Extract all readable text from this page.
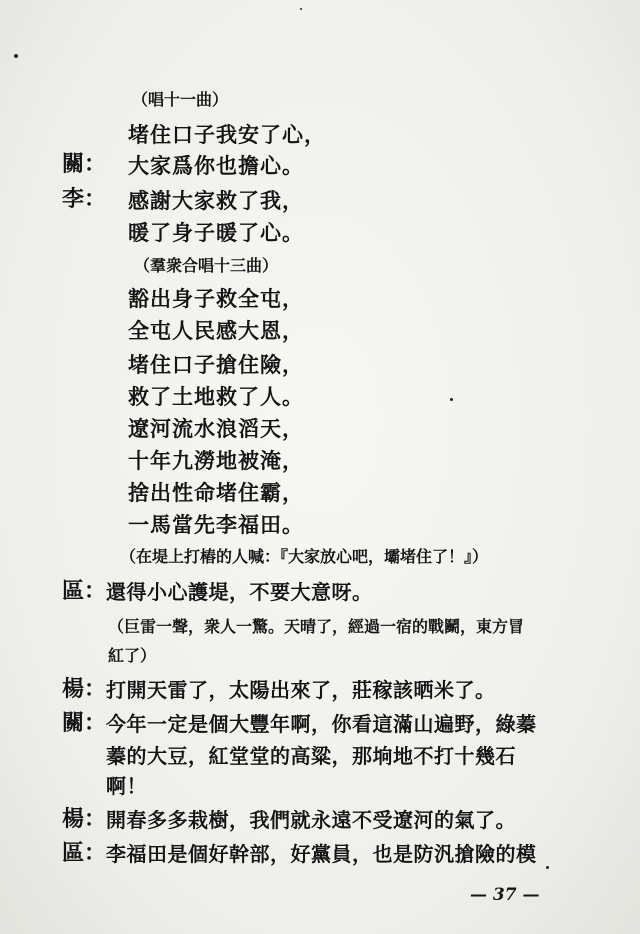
（唱十一曲）
堵住口子我安了心，
關： 大家爲你也擔心。
李： 感謝大家救了我，
暖了身子暖了心。
（羣衆合唱十三曲）
豁出身子救全屯，
全屯人民感大恩，
堵住口子搶住險，
救了土地救了人。
遼河流水浪滔天，
十年九澇地被淹，
捨出性命堵住霸，
一馬當先李福田。
（在堤上打樁的人喊：『大家放心吧，壩堵住了！』）
區： 還得小心護堤，不要大意呀。
（巨雷一聲，衆人一驚。天晴了，經過一宿的戰鬭，東方冒
紅了）
楊： 打開天雷了，太陽出來了，莊稼該晒米了。
關： 今年一定是個大豐年啊，你看這滿山遍野，綠蓁
蓁的大豆，紅堂堂的高粱，那垧地不打十幾石
啊！
楊： 開春多多栽樹，我們就永遠不受遼河的氣了。
區： 李福田是個好幹部，好黨員，也是防汎搶險的模
— 37 —
